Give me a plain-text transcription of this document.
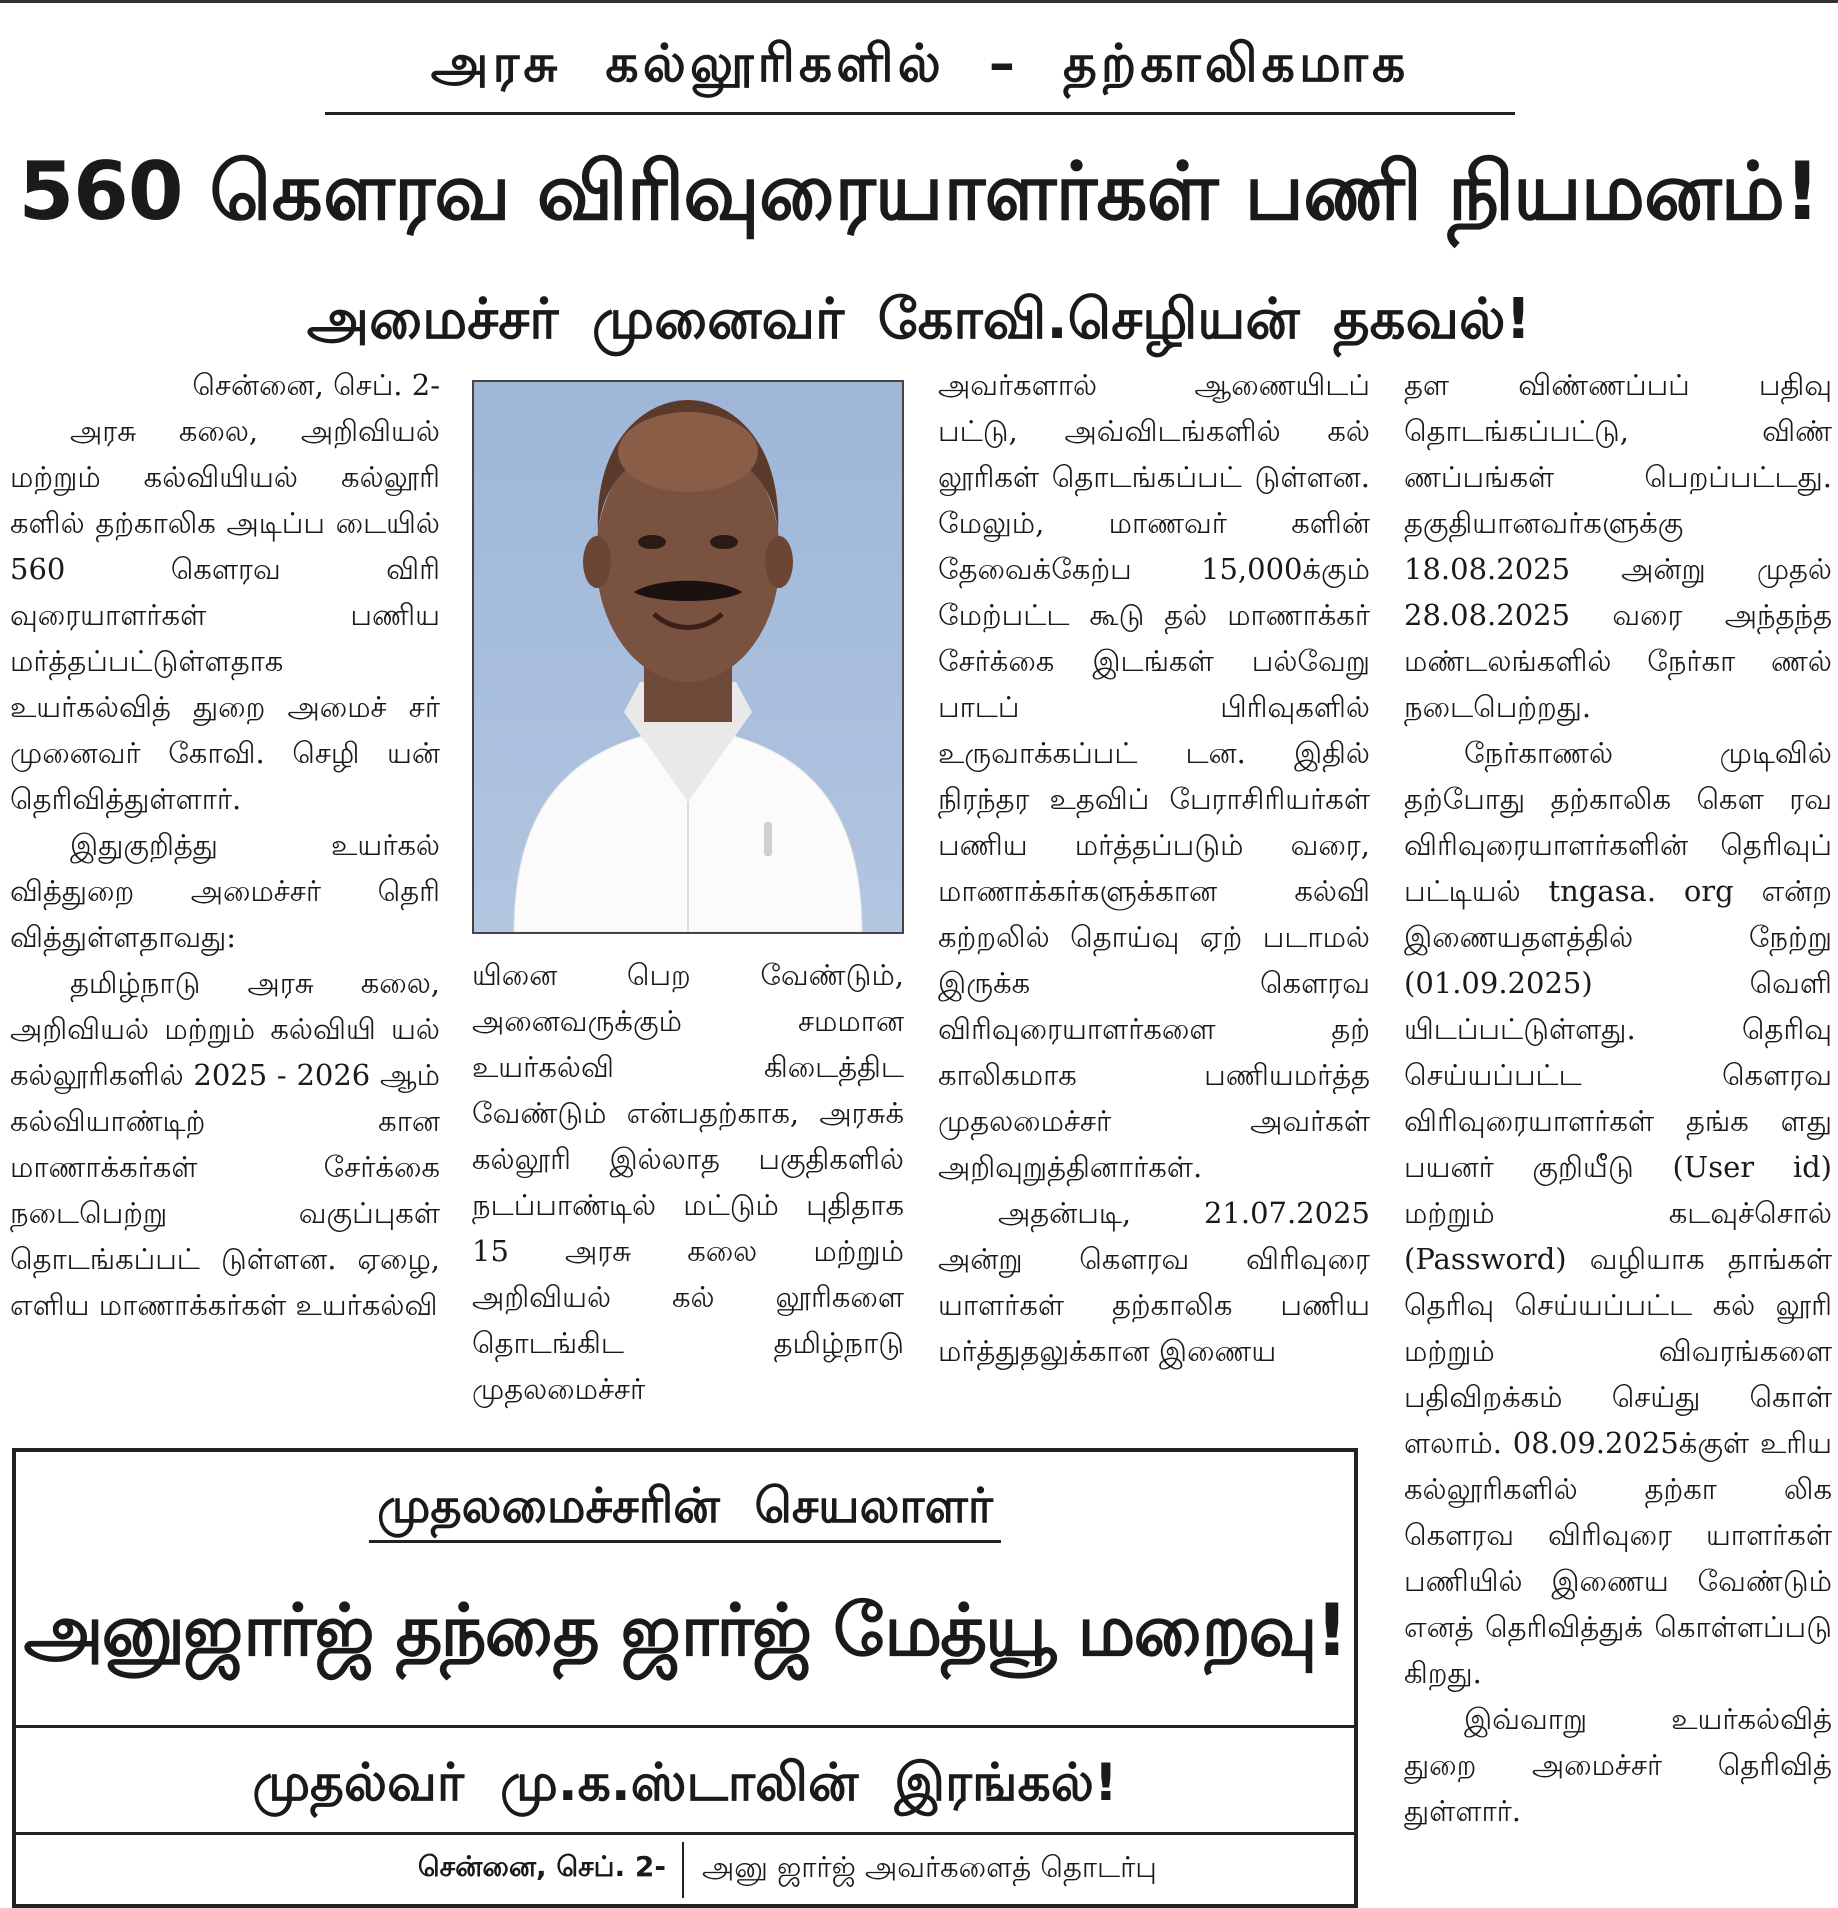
அரசு கல்லூரிகளில் – தற்காலிகமாக
560 கௌரவ விரிவுரையாளர்கள் பணி நியமனம்!
அமைச்சர் முனைவர் கோவி.செழியன் தகவல்!

சென்னை, செப். 2-

அரசு கலை, அறிவியல் மற்றும் கல்வியியல் கல்லூரி களில் தற்காலிக அடிப்ப டையில் 560 கௌரவ விரி வுரையாளர்கள் பணிய மர்த்தப்பட்டுள்ளதாக உயர்கல்வித் துறை அமைச் சர் முனைவர் கோவி. செழி யன் தெரிவித்துள்ளார்.

இதுகுறித்து உயர்கல் வித்துறை அமைச்சர் தெரி வித்துள்ளதாவது:

தமிழ்நாடு அரசு கலை, அறிவியல் மற்றும் கல்வியி யல் கல்லூரிகளில் 2025 - 2026 ஆம் கல்வியாண்டிற் கான மாணாக்கர்கள் சேர்க்கை நடைபெற்று வகுப்புகள் தொடங்கப்பட் டுள்ளன. ஏழை, எளிய மாணாக்கர்கள் உயர்கல்வி

யினை பெற வேண்டும், அனைவருக்கும் சமமான உயர்கல்வி கிடைத்திட வேண்டும் என்பதற்காக, அரசுக் கல்லூரி இல்லாத பகுதிகளில் நடப்பாண்டில் மட்டும் புதிதாக 15 அரசு கலை மற்றும் அறிவியல் கல் லூரிகளை தொடங்கிட தமிழ்நாடு முதலமைச்சர்

அவர்களால் ஆணையிடப் பட்டு, அவ்விடங்களில் கல் லூரிகள் தொடங்கப்பட் டுள்ளன. மேலும், மாணவர் களின் தேவைக்கேற்ப 15,000க்கும் மேற்பட்ட கூடு தல் மாணாக்கர் சேர்க்கை இடங்கள் பல்வேறு பாடப் பிரிவுகளில் உருவாக்கப்பட் டன. இதில் நிரந்தர உதவிப் பேராசிரியர்கள் பணிய மர்த்தப்படும் வரை, மாணாக்கர்களுக்கான கல்வி கற்றலில் தொய்வு ஏற் படாமல் இருக்க கௌரவ விரிவுரையாளர்களை தற் காலிகமாக பணியமர்த்த முதலமைச்சர் அவர்கள் அறிவுறுத்தினார்கள்.

அதன்படி, 21.07.2025 அன்று கௌரவ விரிவுரை யாளர்கள் தற்காலிக பணிய மர்த்துதலுக்கான இணைய

தள விண்ணப்பப் பதிவு தொடங்கப்பட்டு, விண் ணப்பங்கள் பெறப்பட்டது. தகுதியானவர்களுக்கு 18.08.2025 அன்று முதல் 28.08.2025 வரை அந்தந்த மண்டலங்களில் நேர்கா ணல் நடைபெற்றது.

நேர்காணல் முடிவில் தற்போது தற்காலிக கௌ ரவ விரிவுரையாளர்களின் தெரிவுப் பட்டியல் tngasa. org என்ற இணையதளத்தில் நேற்று (01.09.2025) வெளி யிடப்பட்டுள்ளது. தெரிவு செய்யப்பட்ட கௌரவ விரிவுரையாளர்கள் தங்க ளது பயனர் குறியீடு (User id) மற்றும் கடவுச்சொல் (Password) வழியாக தாங்கள் தெரிவு செய்யப்பட்ட கல் லூரி மற்றும் விவரங்களை பதிவிறக்கம் செய்து கொள் ளலாம். 08.09.2025க்குள் உரிய கல்லூரிகளில் தற்கா லிக கௌரவ விரிவுரை யாளர்கள் பணியில் இணைய வேண்டும் எனத் தெரிவித்துக் கொள்ளப்படு கிறது.

இவ்வாறு உயர்கல்வித் துறை அமைச்சர் தெரிவித் துள்ளார்.

முதலமைச்சரின் செயலாளர்
அனுஜார்ஜ் தந்தை ஜார்ஜ் மேத்யூ மறைவு!
முதல்வர் மு.க.ஸ்டாலின் இரங்கல்!
சென்னை, செப். 2- அனு ஜார்ஜ் அவர்களைத் தொடர்பு
